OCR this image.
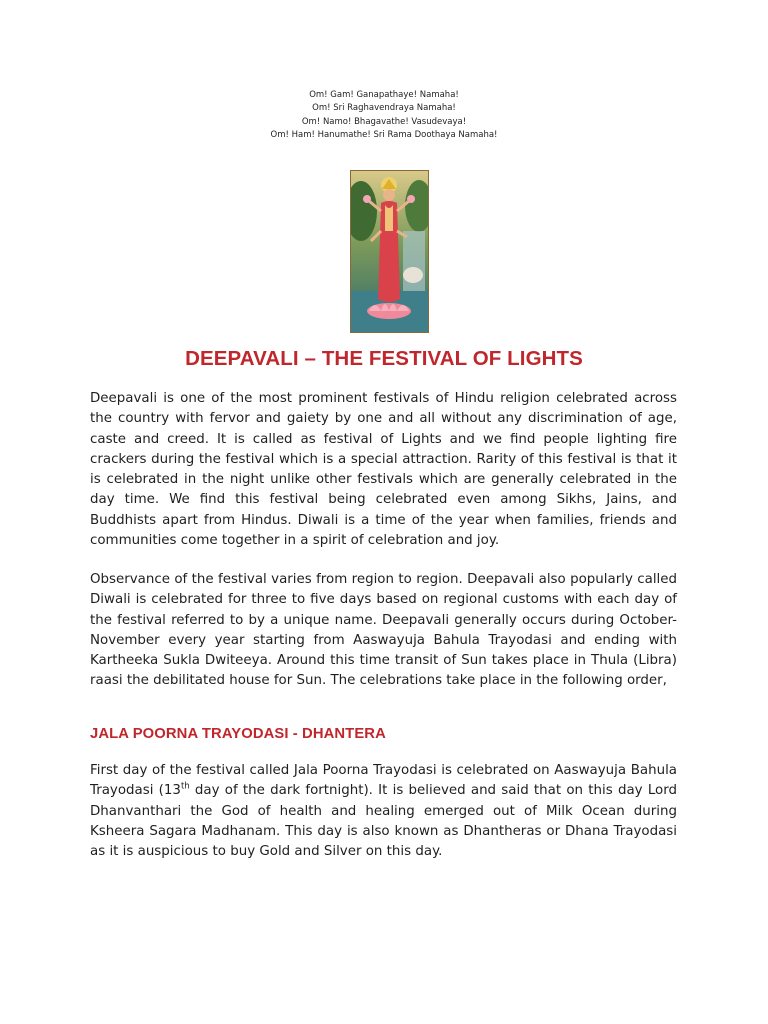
Om! Gam! Ganapathaye! Namaha!
Om! Sri Raghavendraya Namaha!
Om! Namo! Bhagavathe! Vasudevaya!
Om! Ham! Hanumathe! Sri Rama Doothaya Namaha!
DEEPAVALI – THE FESTIVAL OF LIGHTS
Deepavali is one of the most prominent festivals of Hindu religion celebrated across the country with fervor and gaiety by one and all without any discrimination of age, caste and creed. It is called as festival of Lights and we find people lighting fire crackers during the festival which is a special attraction. Rarity of this festival is that it is celebrated in the night unlike other festivals which are generally celebrated in the day time. We find this festival being celebrated even among Sikhs, Jains, and Buddhists apart from Hindus. Diwali is a time of the year when families, friends and communities come together in a spirit of celebration and joy.
Observance of the festival varies from region to region. Deepavali also popularly called Diwali is celebrated for three to five days based on regional customs with each day of the festival referred to by a unique name. Deepavali generally occurs during October-November every year starting from Aaswayuja Bahula Trayodasi and ending with Kartheeka Sukla Dwiteeya. Around this time transit of Sun takes place in Thula (Libra) raasi the debilitated house for Sun. The celebrations take place in the following order,
JALA POORNA TRAYODASI - DHANTERA
First day of the festival called Jala Poorna Trayodasi is celebrated on Aaswayuja Bahula Trayodasi (13th day of the dark fortnight). It is believed and said that on this day Lord Dhanvanthari the God of health and healing emerged out of Milk Ocean during Ksheera Sagara Madhanam. This day is also known as Dhantheras or Dhana Trayodasi as it is auspicious to buy Gold and Silver on this day.
